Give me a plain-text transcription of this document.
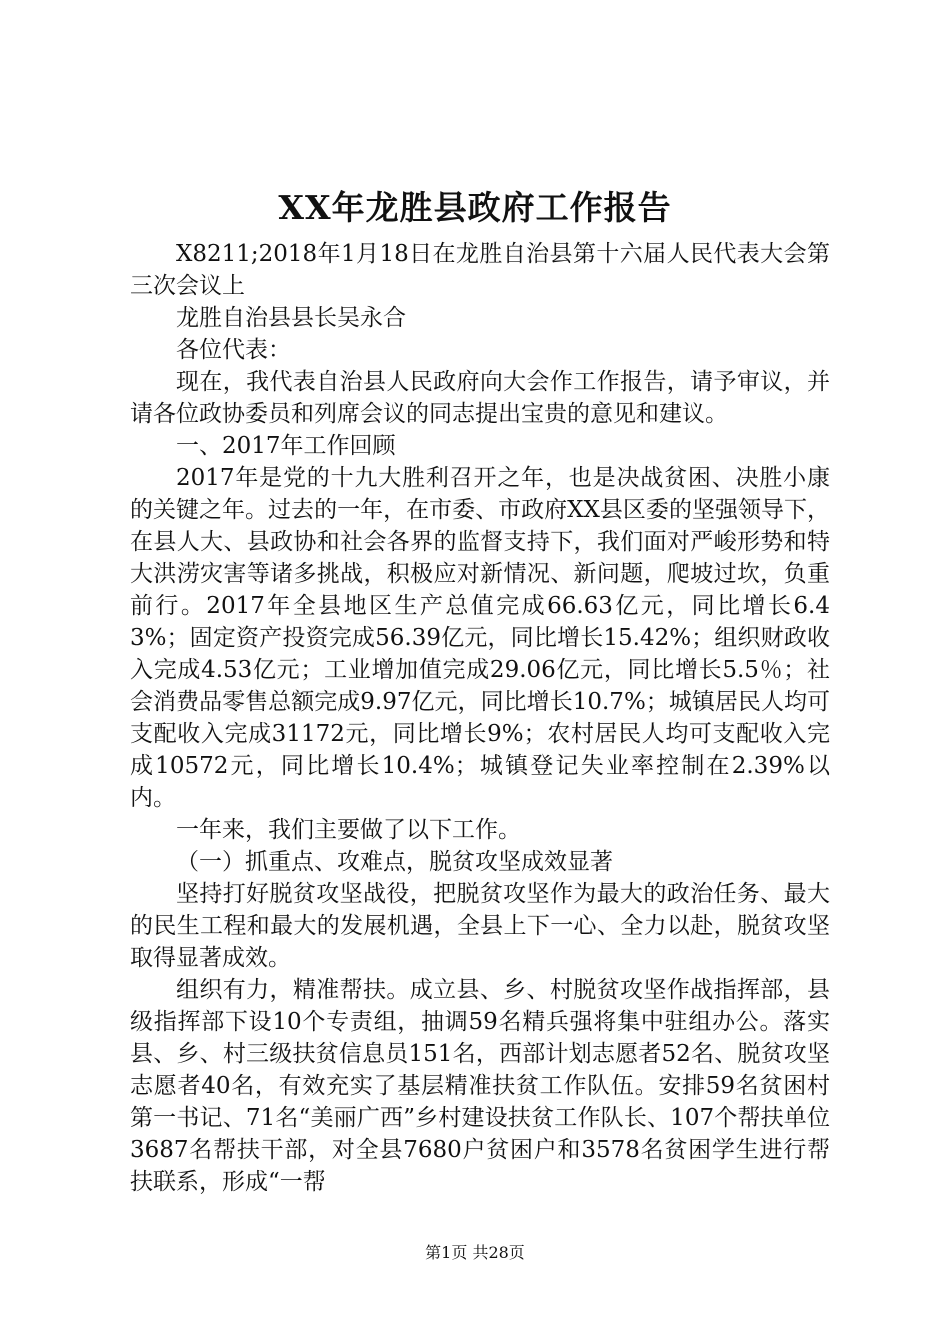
XX年龙胜县政府工作报告

X8211;2018年1月18日在龙胜自治县第十六届人民代表大会第三次会议上

龙胜自治县县长吴永合

各位代表：

现在，我代表自治县人民政府向大会作工作报告，请予审议，并请各位政协委员和列席会议的同志提出宝贵的意见和建议。

一、2017年工作回顾

2017年是党的十九大胜利召开之年，也是决战贫困、决胜小康的关键之年。过去的一年，在市委、市政府XX县区委的坚强领导下，在县人大、县政协和社会各界的监督支持下，我们面对严峻形势和特大洪涝灾害等诸多挑战，积极应对新情况、新问题，爬坡过坎，负重前行。2017年全县地区生产总值完成66.63亿元，同比增长6.43%；固定资产投资完成56.39亿元，同比增长15.42%；组织财政收入完成4.53亿元；工业增加值完成29.06亿元，同比增长5.5％；社会消费品零售总额完成9.97亿元，同比增长10.7%；城镇居民人均可支配收入完成31172元，同比增长9%；农村居民人均可支配收入完成10572元，同比增长10.4%；城镇登记失业率控制在2.39%以内。

一年来，我们主要做了以下工作。

（一）抓重点、攻难点，脱贫攻坚成效显著

坚持打好脱贫攻坚战役，把脱贫攻坚作为最大的政治任务、最大的民生工程和最大的发展机遇，全县上下一心、全力以赴，脱贫攻坚取得显著成效。

组织有力，精准帮扶。成立县、乡、村脱贫攻坚作战指挥部，县级指挥部下设10个专责组，抽调59名精兵强将集中驻组办公。落实县、乡、村三级扶贫信息员151名，西部计划志愿者52名、脱贫攻坚志愿者40名，有效充实了基层精准扶贫工作队伍。安排59名贫困村第一书记、71名“美丽广西”乡村建设扶贫工作队长、107个帮扶单位3687名帮扶干部，对全县7680户贫困户和3578名贫困学生进行帮扶联系，形成“一帮

第1页 共28页
